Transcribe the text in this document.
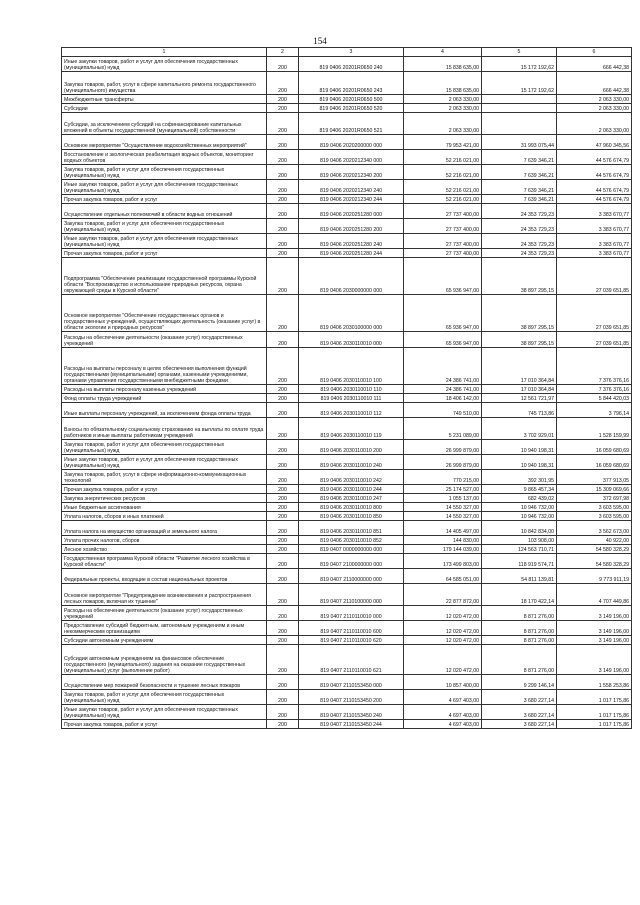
154
1	2	3	4	5	6
Иные закупки товаров, работ и услуг для обеспечения государственных (муниципальных) нужд	200	819 0406 20201R0650 240	15 838 635,00	15 172 192,62	666 442,38
Закупка товаров, работ, услуг в сфере капитального ремонта государственного (муниципального) имущества	200	819 0406 20201R0650 243	15 838 635,00	15 172 192,62	666 442,38
Межбюджетные трансферты	200	819 0406 20201R0650 500	2 063 330,00		2 063 330,00
Субсидии	200	819 0406 20201R0650 520	2 063 330,00		2 063 330,00
Субсидии, за исключением субсидий на софинансирование капитальных вложений в объекты государственной (муниципальной) собственности	200	819 0406 20201R0650 521	2 063 330,00		2 063 330,00
Основное мероприятие "Осуществление водохозяйственных мероприятий"	200	819 0406 2020200000 000	79 953 421,00	31 993 075,44	47 960 345,56
Восстановление и экологическая реабилитация водных объектов, мониторинг водных объектов	200	819 0406 2020212340 000	52 216 021,00	7 639 346,21	44 576 674,79
Закупка товаров, работ и услуг для обеспечения государственных (муниципальных) нужд	200	819 0406 2020212340 200	52 216 021,00	7 639 346,21	44 576 674,79
Иные закупки товаров, работ и услуг для обеспечения государственных (муниципальных) нужд	200	819 0406 2020212340 240	52 216 021,00	7 639 346,21	44 576 674,79
Прочая закупка товаров, работ и услуг	200	819 0406 2020212340 244	52 216 021,00	7 639 346,21	44 576 674,79
Осуществление отдельных полномочий в области водных отношений	200	819 0406 2020251280 000	27 737 400,00	24 353 729,23	3 383 670,77
Закупка товаров, работ и услуг для обеспечения государственных (муниципальных) нужд	200	819 0406 2020251280 200	27 737 400,00	24 353 729,23	3 383 670,77
Иные закупки товаров, работ и услуг для обеспечения государственных (муниципальных) нужд	200	819 0406 2020251280 240	27 737 400,00	24 353 729,23	3 383 670,77
Прочая закупка товаров, работ и услуг	200	819 0406 2020251280 244	27 737 400,00	24 353 729,23	3 383 670,77
Подпрограмма "Обеспечение реализации государственной программы Курской области "Воспроизводство и использование природных ресурсов, охрана окружающей среды в Курской области"	200	819 0406 2030000000 000	65 936 947,00	38 897 295,15	27 039 651,85
Основное мероприятие "Обеспечение государственных органов и государственных учреждений, осуществляющих деятельность (оказание услуг) в области экологии и природных ресурсов"	200	819 0406 2030100000 000	65 936 947,00	38 897 295,15	27 039 651,85
Расходы на обеспечение деятельности (оказание услуг) государственных учреждений	200	819 0406 2030110010 000	65 936 947,00	38 897 295,15	27 039 651,85
Расходы на выплаты персоналу в целях обеспечения выполнения функций государственными (муниципальными) органами, казенными учреждениями, органами управления государственными внебюджетными фондами	200	819 0406 2030110010 100	24 386 741,00	17 010 364,84	7 376 376,16
Расходы на выплаты персоналу казенных учреждений	200	819 0406 2030110010 110	24 386 741,00	17 010 364,84	7 376 376,16
Фонд оплаты труда учреждений	200	819 0406 2030110010 111	18 406 142,00	12 561 721,97	5 844 420,03
Иные выплаты персоналу учреждений, за исключением фонда оплаты труда	200	819 0406 2030110010 112	749 510,00	745 713,86	3 796,14
Взносы по обязательному социальному страхованию на выплаты по оплате труда работников и иные выплаты работникам учреждений	200	819 0406 2030110010 119	5 231 089,00	3 702 929,01	1 528 159,99
Закупка товаров, работ и услуг для обеспечения государственных (муниципальных) нужд	200	819 0406 2030110010 200	26 999 879,00	10 940 198,31	16 059 680,69
Иные закупки товаров, работ и услуг для обеспечения государственных (муниципальных) нужд	200	819 0406 2030110010 240	26 999 879,00	10 940 198,31	16 059 680,69
Закупка товаров, работ, услуг в сфере информационно-коммуникационных технологий	200	819 0406 2030110010 242	770 215,00	392 301,95	377 913,05
Прочая закупка товаров, работ и услуг	200	819 0406 2030110010 244	25 174 527,00	9 865 457,34	15 309 069,66
Закупка энергетических ресурсов	200	819 0406 2030110010 247	1 055 137,00	682 439,02	372 697,98
Иные бюджетные ассигнования	200	819 0406 2030110010 800	14 550 327,00	10 946 732,00	3 603 595,00
Уплата налогов, сборов и иных платежей	200	819 0406 2030110010 850	14 550 327,00	10 946 732,00	3 603 595,00
Уплата налога на имущество организаций и земельного налога	200	819 0406 2030110010 851	14 405 497,00	10 842 834,00	3 562 673,00
Уплата прочих налогов, сборов	200	819 0406 2030110010 852	144 830,00	103 908,00	40 922,00
Лесное хозяйство	200	819 0407 0000000000 000	179 144 039,00	124 563 710,71	54 580 328,29
Государственная программа Курской области "Развитие лесного хозяйства в Курской области"	200	819 0407 2100000000 000	173 499 803,00	118 919 574,71	54 580 328,29
Федеральные проекты, входящие в состав национальных проектов	200	819 0407 2110000000 000	64 585 051,00	54 811 139,81	9 773 911,19
Основное мероприятие "Предупреждение возникновения и распространения лесных пожаров, включая их тушение"	200	819 0407 2110100000 000	22 877 872,00	18 170 422,14	4 707 449,86
Расходы на обеспечение деятельности (оказание услуг) государственных учреждений	200	819 0407 2110110010 000	12 020 472,00	8 871 276,00	3 149 196,00
Предоставление субсидий бюджетным, автономным учреждениям и иным некоммерческим организациям	200	819 0407 2110110010 600	12 020 472,00	8 871 276,00	3 149 196,00
Субсидии автономным учреждениям	200	819 0407 2110110010 620	12 020 472,00	8 871 276,00	3 149 196,00
Субсидии автономным учреждениям на финансовое обеспечение государственного (муниципального) задания на оказание государственных (муниципальных) услуг (выполнение работ)	200	819 0407 2110110010 621	12 020 472,00	8 871 276,00	3 149 196,00
Осуществление мер пожарной безопасности и тушение лесных пожаров	200	819 0407 2110153450 000	10 857 400,00	9 299 146,14	1 558 253,86
Закупка товаров, работ и услуг для обеспечения государственных (муниципальных) нужд	200	819 0407 2110153450 200	4 697 403,00	3 680 227,14	1 017 175,86
Иные закупки товаров, работ и услуг для обеспечения государственных (муниципальных) нужд	200	819 0407 2110153450 240	4 697 403,00	3 680 227,14	1 017 175,86
Прочая закупка товаров, работ и услуг	200	819 0407 2110153450 244	4 697 403,00	3 680 227,14	1 017 175,86
